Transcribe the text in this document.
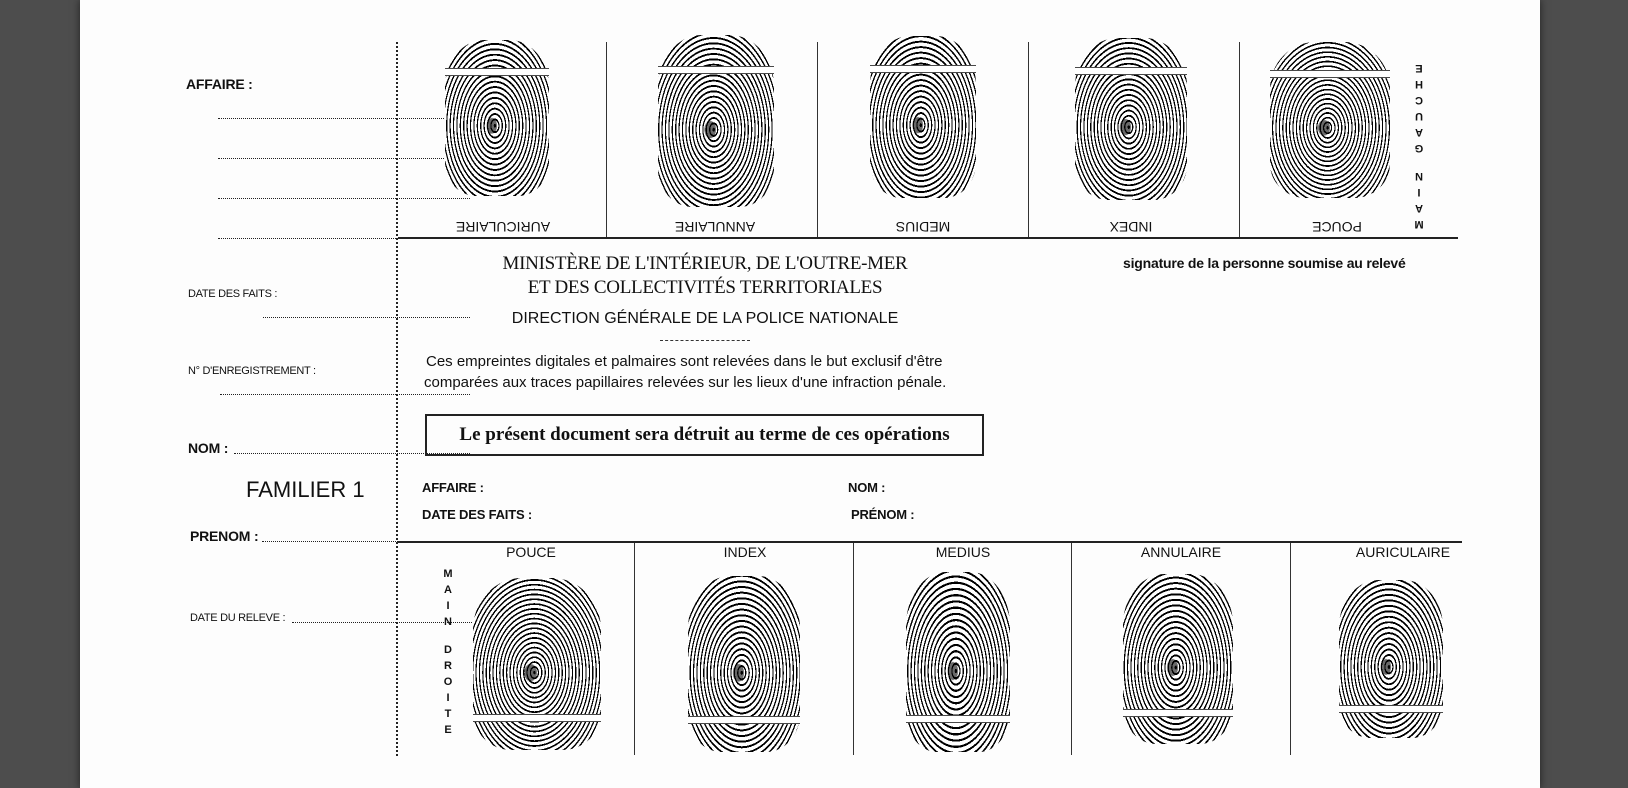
AFFAIRE :
DATE DES FAITS :
N° D'ENREGISTREMENT :
NOM :
FAMILIER 1
PRENOM :
DATE DU RELEVE :
AURICULAIRE	ANNULAIRE	MEDIUS	INDEX	POUCE	M
A
I
N
G
A
U
C
H
E
MINISTÈRE DE L'INTÉRIEUR, DE L'OUTRE-MER
ET DES COLLECTIVITÉS TERRITORIALES
DIRECTION GÉNÉRALE DE LA POLICE NATIONALE
Ces empreintes digitales et palmaires sont relevées dans le but exclusif d'être
comparées aux traces papillaires relevées sur les lieux d'une infraction pénale.
Le présent document sera détruit au terme de ces opérations
signature de la personne soumise au relevé
AFFAIRE :
DATE DES FAITS :
NOM :
PRÉNOM :
POUCE	INDEX	MEDIUS	ANNULAIRE	AURICULAIRE
M
A
I
N
D
R
O
I
T
E
